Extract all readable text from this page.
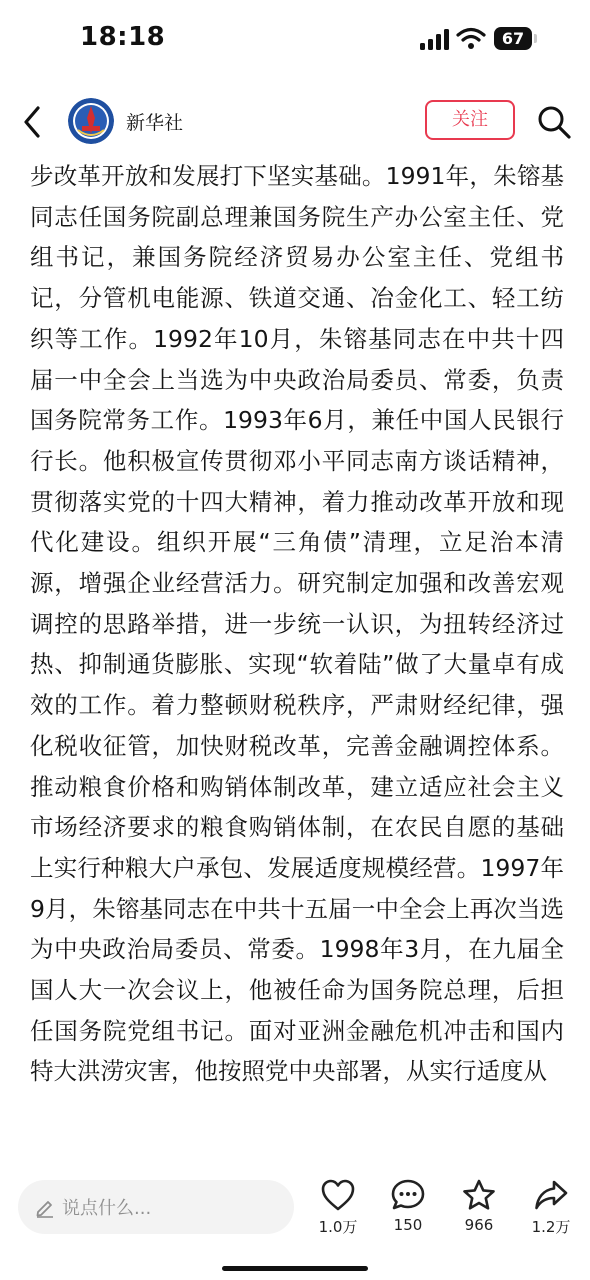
18:18	67
新华社	关注

步改革开放和发展打下坚实基础。1991年，朱镕基同志任国务院副总理兼国务院生产办公室主任、党组书记，兼国务院经济贸易办公室主任、党组书记，分管机电能源、铁道交通、冶金化工、轻工纺织等工作。1992年10月，朱镕基同志在中共十四届一中全会上当选为中央政治局委员、常委，负责国务院常务工作。1993年6月，兼任中国人民银行行长。他积极宣传贯彻邓小平同志南方谈话精神，贯彻落实党的十四大精神，着力推动改革开放和现代化建设。组织开展“三角债”清理，立足治本清源，增强企业经营活力。研究制定加强和改善宏观调控的思路举措，进一步统一认识，为扭转经济过热、抑制通货膨胀、实现“软着陆”做了大量卓有成效的工作。着力整顿财税秩序，严肃财经纪律，强化税收征管，加快财税改革，完善金融调控体系。推动粮食价格和购销体制改革，建立适应社会主义市场经济要求的粮食购销体制，在农民自愿的基础上实行种粮大户承包、发展适度规模经营。1997年9月，朱镕基同志在中共十五届一中全会上再次当选为中央政治局委员、常委。1998年3月，在九届全国人大一次会议上，他被任命为国务院总理，后担任国务院党组书记。面对亚洲金融危机冲击和国内特大洪涝灾害，他按照党中央部署，从实行适度从

说点什么...
1.0万	150	966	1.2万
